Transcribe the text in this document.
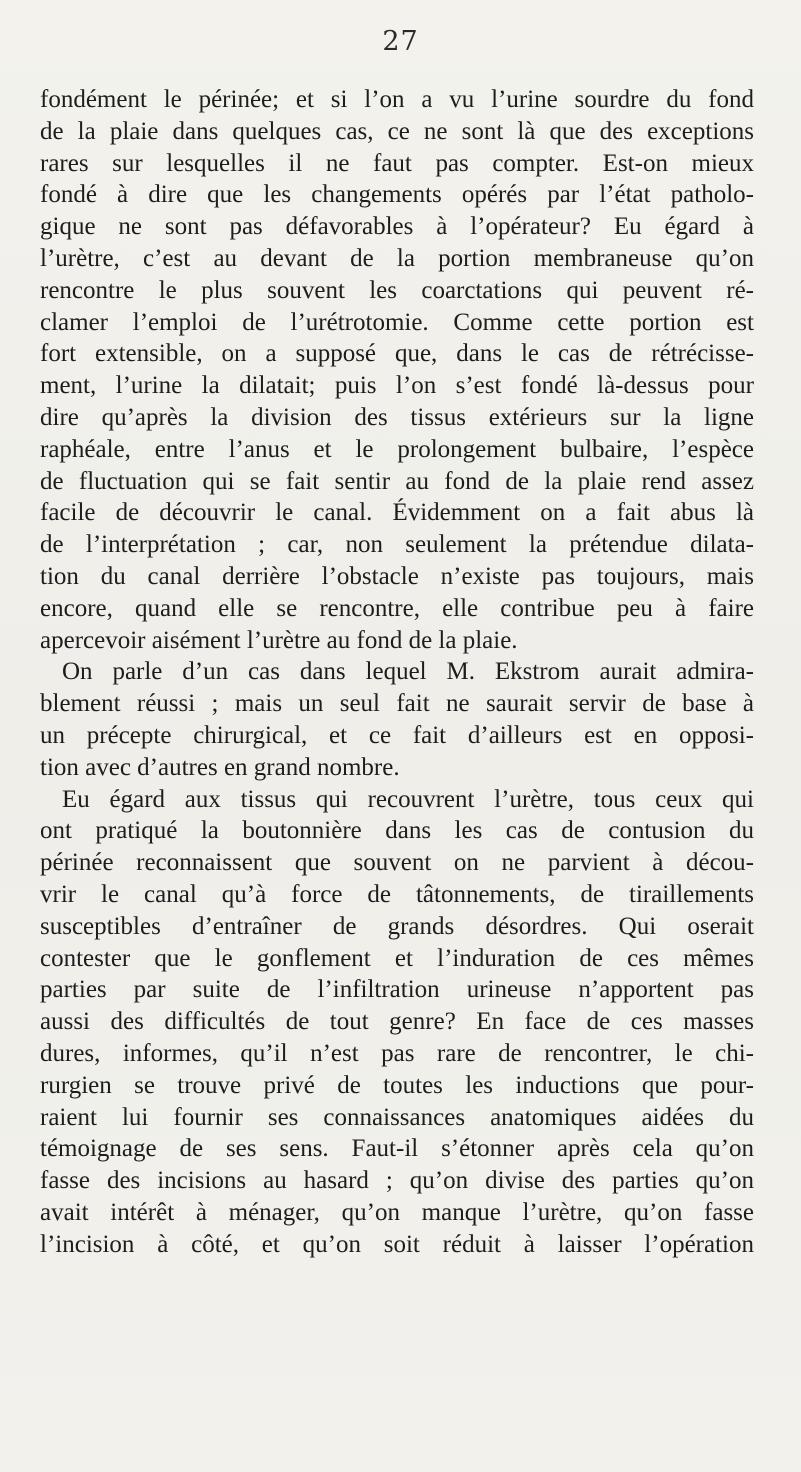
27
fondément le périnée; et si l’on a vu l’urine sourdre du fond
de la plaie dans quelques cas, ce ne sont là que des exceptions
rares sur lesquelles il ne faut pas compter. Est-on mieux
fondé à dire que les changements opérés par l’état patholo-
gique ne sont pas défavorables à l’opérateur? Eu égard à
l’urètre, c’est au devant de la portion membraneuse qu’on
rencontre le plus souvent les coarctations qui peuvent ré-
clamer l’emploi de l’urétrotomie. Comme cette portion est
fort extensible, on a supposé que, dans le cas de rétrécisse-
ment, l’urine la dilatait; puis l’on s’est fondé là-dessus pour
dire qu’après la division des tissus extérieurs sur la ligne
raphéale, entre l’anus et le prolongement bulbaire, l’espèce
de fluctuation qui se fait sentir au fond de la plaie rend assez
facile de découvrir le canal. Évidemment on a fait abus là
de l’interprétation ; car, non seulement la prétendue dilata-
tion du canal derrière l’obstacle n’existe pas toujours, mais
encore, quand elle se rencontre, elle contribue peu à faire
apercevoir aisément l’urètre au fond de la plaie.
On parle d’un cas dans lequel M. Ekstrom aurait admira-
blement réussi ; mais un seul fait ne saurait servir de base à
un précepte chirurgical, et ce fait d’ailleurs est en opposi-
tion avec d’autres en grand nombre.
Eu égard aux tissus qui recouvrent l’urètre, tous ceux qui
ont pratiqué la boutonnière dans les cas de contusion du
périnée reconnaissent que souvent on ne parvient à décou-
vrir le canal qu’à force de tâtonnements, de tiraillements
susceptibles d’entraîner de grands désordres. Qui oserait
contester que le gonflement et l’induration de ces mêmes
parties par suite de l’infiltration urineuse n’apportent pas
aussi des difficultés de tout genre? En face de ces masses
dures, informes, qu’il n’est pas rare de rencontrer, le chi-
rurgien se trouve privé de toutes les inductions que pour-
raient lui fournir ses connaissances anatomiques aidées du
témoignage de ses sens. Faut-il s’étonner après cela qu’on
fasse des incisions au hasard ; qu’on divise des parties qu’on
avait intérêt à ménager, qu’on manque l’urètre, qu’on fasse
l’incision à côté, et qu’on soit réduit à laisser l’opération
